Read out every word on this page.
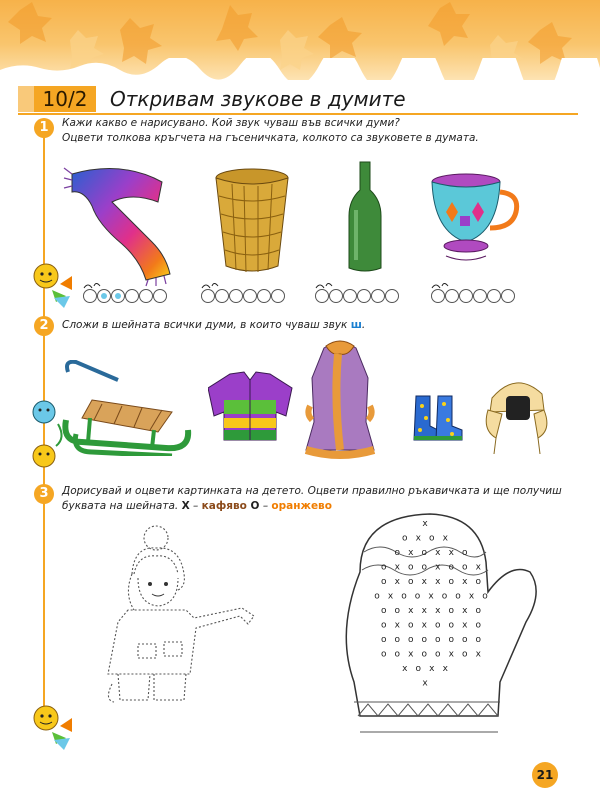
10/2	Откривам звукове в думите
1	Кажи какво е нарисувано. Кой звук чуваш във всички думи?
Оцвети толкова кръгчета на гъсеничката, колкото са звуковете в думата.
2	Сложи в шейната всички думи, в които чуваш звук ш.
3	Дорисувай и оцвети картинката на детето. Оцвети правилно ръкавичката и ще получиш
буквата на шейната. X – кафяво O – оранжево
x
o x o x
o x o x x o
o x o o x o o x
o x o x x o x o
o x o o x o o x o
o o x x x o x o
o x o x o o x o
o o o o o o o o
o o x o o x o x
x o x x
x
21
